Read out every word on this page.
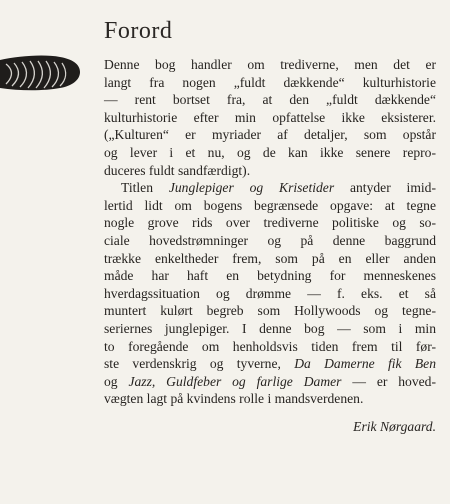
Forord
Denne bog handler om trediverne, men det er
langt fra nogen „fuldt dækkende“ kulturhistorie
— rent bortset fra, at den „fuldt dækkende“
kulturhistorie efter min opfattelse ikke eksisterer.
(„Kulturen“ er myriader af detaljer, som opstår
og lever i et nu, og de kan ikke senere repro-
duceres fuldt sandfærdigt).
Titlen Junglepiger og Krisetider antyder imid-
lertid lidt om bogens begrænsede opgave: at tegne
nogle grove rids over trediverne politiske og so-
ciale hovedstrømninger og på denne baggrund
trække enkeltheder frem, som på en eller anden
måde har haft en betydning for menneskenes
hverdagssituation og drømme — f. eks. et så
muntert kulørt begreb som Hollywoods og tegne-
seriernes junglepiger. I denne bog — som i min
to foregående om henholdsvis tiden frem til før-
ste verdenskrig og tyverne, Da Damerne fik Ben
og Jazz, Guldfeber og farlige Damer — er hoved-
vægten lagt på kvindens rolle i mandsverdenen.
Erik Nørgaard.
